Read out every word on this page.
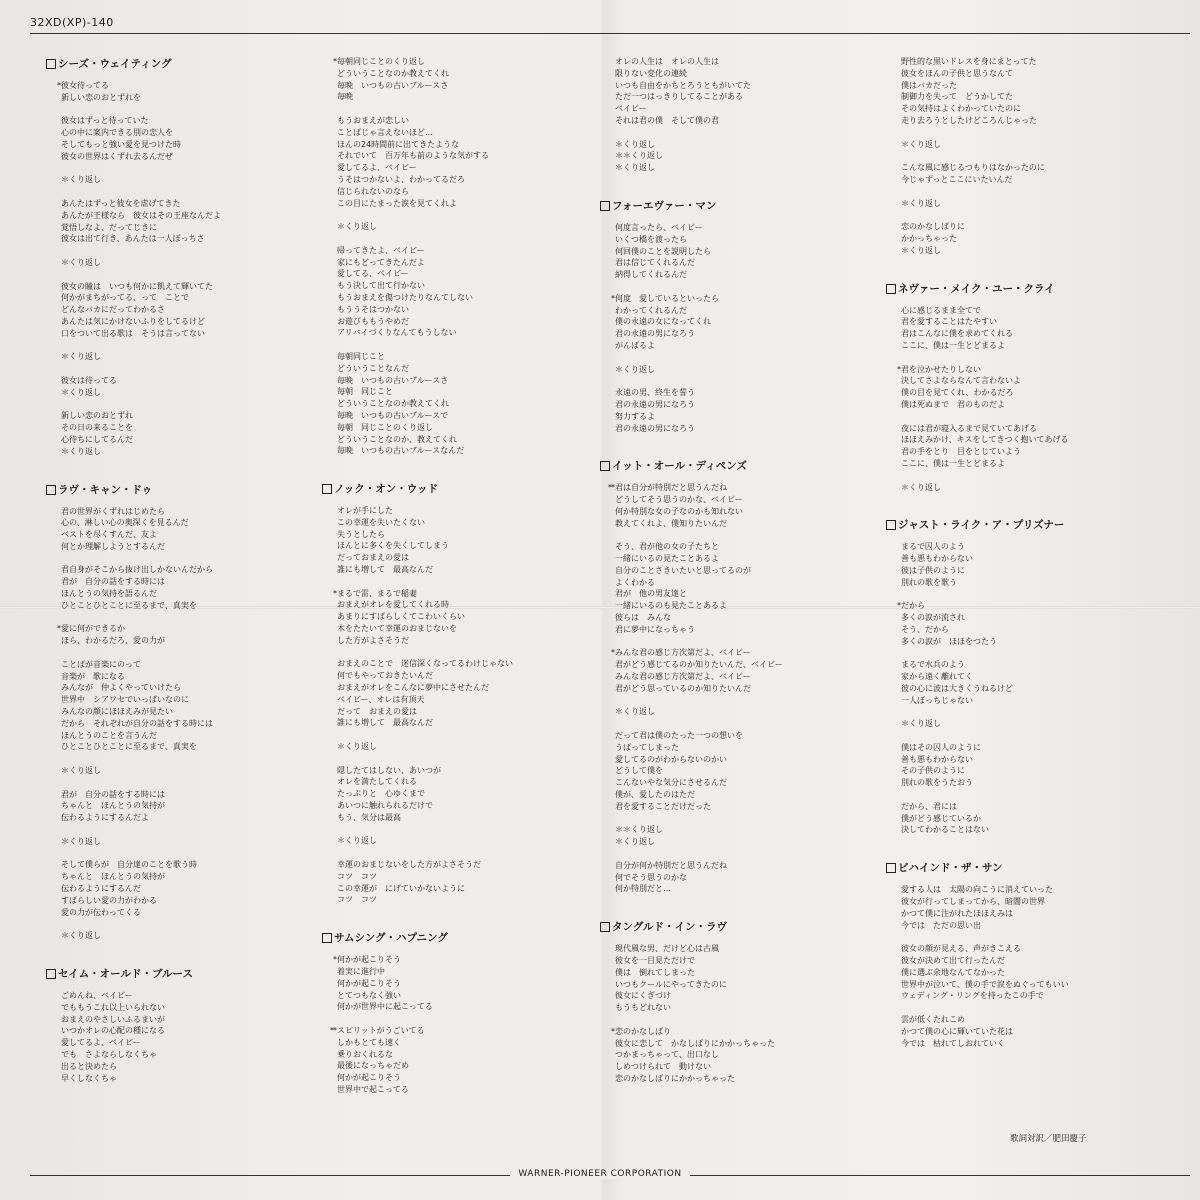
32XD(XP)-140
シーズ・ウェイティング
* 彼女待ってる
新しい恋のおとずれを
彼女はずっと待っていた
心の中に案内できる別の恋人を
そしてもっと強い愛を見つけた時
彼女の世界はくずれ去るんだぜ
＊くり返し
あんたはずっと彼女を虐げてきた
あんたが王様なら　彼女はその王座なんだよ
覚悟しなよ、だってじきに
彼女は出て行き、あんたは一人ぼっちさ
＊くり返し
彼女の瞳は　いつも何かに飢えて輝いてた
何かがまちがってる、って　ことで
どんなバカにだってわかるさ
あんたは気にかけないふりをしてるけど
口をついて出る歌は　そうは言ってない
＊くり返し
彼女は待ってる
＊くり返し
新しい恋のおとずれ
その日の来ることを
心待ちにしてるんだ
＊くり返し
ラヴ・キャン・ドゥ
君の世界がくずれはじめたら
心の、淋しい心の奥深くを見るんだ
ベストを尽くすんだ、友よ
何とか理解しようとするんだ
君自身がそこから抜け出しかないんだから
君が　自分の話をする時には
ほんとうの気持を語るんだ
ひとことひとことに至るまで、真実を
* 愛に何ができるか
ほら、わかるだろ、愛の力が
ことばが音楽にのって
音楽が　歌になる
みんなが　仲よくやっていけたら
世界中　シアワセでいっぱいなのに
みんなの顔にほほえみが見たい
だから　それぞれが自分の話をする時には
ほんとうのことを言うんだ
ひとことひとことに至るまで、真実を
＊くり返し
君が　自分の話をする時には
ちゃんと　ほんとうの気持が
伝わるようにするんだよ
＊くり返し
そして僕らが　自分達のことを歌う時
ちゃんと　ほんとうの気持が
伝わるようにするんだ
すばらしい愛の力がわかる
愛の力が伝わってくる
＊くり返し
セイム・オールド・ブルース
ごめんね、ベイビー
でももうこれ以上いられない
おまえのやさしいふるまいが
いつかオレの心配の種になる
愛してるよ、ベイビー
でも　さよならしなくちゃ
出ると決めたら
早くしなくちゃ
* 毎朝同じことのくり返し
どういうことなのか教えてくれ
毎晩　いつもの古いブルースさ
毎晩
もうおまえが恋しい
ことばじゃ言えないほど…
ほんの24時間前に出てきたような
それでいて　百万年も前のような気がする
愛してるよ、ベイビー
うそはつかないよ、わかってるだろ
信じられないのなら
この目にたまった涙を見てくれよ
＊くり返し
帰ってきたよ、ベイビー
家にもどってきたんだよ
愛してる、ベイビー
もう決して出て行かない
もうおまえを傷つけたりなんてしない
もううそはつかない
お遊びももうやめだ
アリバイづくりなんてもうしない
毎朝同じこと
どういうことなんだ
毎晩　いつもの古いブルースさ
毎朝　同じこと
どういうことなのか教えてくれ
毎晩　いつもの古いブルースで
毎朝　同じことのくり返し
どういうことなのか、教えてくれ
毎晩　いつもの古いブルースなんだ
ノック・オン・ウッド
オレが手にした
この幸運を失いたくない
失うとしたら
ほんとに多くを失くしてしまう
だっておまえの愛は
誰にも増して　最高なんだ
* まるで雷、まるで稲妻
おまえがオレを愛してくれる時
あまりにすばらしくてこわいくらい
木をたたいて幸運のおまじないを
した方がよさそうだ
おまえのことで　迷信深くなってるわけじゃない
何でもやっておきたいんだ
おまえがオレをこんなに夢中にさせたんだ
ベイビー、オレは有頂天
だって　おまえの愛は
誰にも増して　最高なんだ
＊くり返し
隠したてはしない、あいつが
オレを満たしてくれる
たっぷりと　心ゆくまで
あいつに触れられるだけで
もう、気分は最高
＊くり返し
幸運のおまじないをした方がよさそうだ
コツ　コツ
この幸運が　にげていかないように
コツ　コツ
サムシング・ハプニング
* 何かが起こりそう
着実に進行中
何かが起こりそう
とてつもなく強い
何かが世界中に起こってる
** スピリットがうごいてる
しかもとても速く
乗りおくれるな
最後になっちゃだめ
何かが起こりそう
世界中で起こってる
オレの人生は　オレの人生は
限りない変化の連続
いつも自由をかちとろうともがいてた
ただ一つはっきりしてることがある
ベイビー
それは君の僕　そして僕の君
＊くり返し
＊＊くり返し
＊くり返し
フォーエヴァー・マン
何度言ったら、ベイビー
いくつ橋を渡ったら
何回僕のことを説明したら
君は信じてくれるんだ
納得してくれるんだ
* 何度　愛しているといったら
わかってくれるんだ
僕の永遠の女になってくれ
君の永遠の男になろう
がんばるよ
＊くり返し
永遠の男、終生を誓う
君の永遠の男になろう
努力するよ
君の永遠の男になろう
イット・オール・ディペンズ
** 君は自分が特別だと思うんだね
どうしてそう思うのかな、ベイビー
何か特別な女の子なのかも知れない
教えてくれよ、僕知りたいんだ
そう、君が他の女の子たちと
一緒にいるの見たことあるよ
自分のことさきいたいと思ってるのが
よくわかる
君が　他の男友達と
一緒にいるのも見たことあるよ
彼らは　みんな
君に夢中になっちゃう
* みんな君の感じ方次第だよ、ベイビー
君がどう感じてるのか知りたいんだ、ベイビー
みんな君の感じ方次第だよ、ベイビー
君がどう思っているのか知りたいんだ
＊くり返し
だって君は僕のたった一つの想いを
うばってしまった
愛してるのがわからないのかい
どうして僕を
こんないやな気分にさせるんだ
僕が、愛したのはただ
君を愛することだけだった
＊＊くり返し
＊くり返し
自分が何か特別だと思うんだね
何でそう思うのかな
何か特別だと…
タングルド・イン・ラヴ
現代風な男、だけど心は古風
彼女を一目見ただけで
僕は　倒れてしまった
いつもクールにやってきたのに
彼女にくぎづけ
もうもどれない
* 恋のかなしばり
彼女に恋して　かなしばりにかかっちゃった
つかまっちゃって、出口なし
しめつけられて　動けない
恋のかなしばりにかかっちゃった
野性的な黒いドレスを身にまとってた
彼女をほんの子供と思うなんて
僕はバカだった
制御力を失って　どうかしてた
その気持はよくわかっていたのに
走り去ろうとしたけどころんじゃった
＊くり返し
こんな風に感じるつもりはなかったのに
今じゃずっとここにいたいんだ
＊くり返し
恋のかなしばりに
かかっちゃった
＊くり返し
ネヴァー・メイク・ユー・クライ
心に感じるまま全てで
君を愛することはたやすい
君はこんなに僕を求めてくれる
ここに、僕は一生とどまるよ
* 君を泣かせたりしない
決してさよならなんて言わないよ
僕の目を見てくれ、わかるだろ
僕は死ぬまで　君のものだよ
夜には君が寝入るまで見ていてあげる
ほほえみかけ、キスをしてきつく抱いてあげる
君の手をとり　目をとじていよう
ここに、僕は一生とどまるよ
＊くり返し
ジャスト・ライク・ア・プリズナー
まるで囚人のよう
善も悪もわからない
彼は子供のように
別れの歌を歌う
* だから
多くの涙が流され
そう、だから
多くの涙が　ほほをつたう
まるで水兵のよう
家から遠く離れてく
彼の心に波は大きくうねるけど
一人ぼっちじゃない
＊くり返し
僕はその囚人のように
善も悪もわからない
その子供のように
別れの歌をうたおう
だから、君には
僕がどう感じているか
決してわかることはない
ビハインド・ザ・サン
愛する人は　太陽の向こうに消えていった
彼女が行ってしまってから、暗闇の世界
かつて僕に注がれたほほえみは
今では　ただの思い出
彼女の顔が見える、声がきこえる
彼女が決めて出て行ったんだ
僕に選ぶ余地なんてなかった
世界中が泣いて、僕の手で涙をぬぐってもいい
ウェディング・リングを持ったこの手で
雲が低くたれこめ
かつて僕の心に輝いていた花は
今では　枯れてしおれていく
歌詞対訳／肥田慶子
WARNER-PIONEER CORPORATION
